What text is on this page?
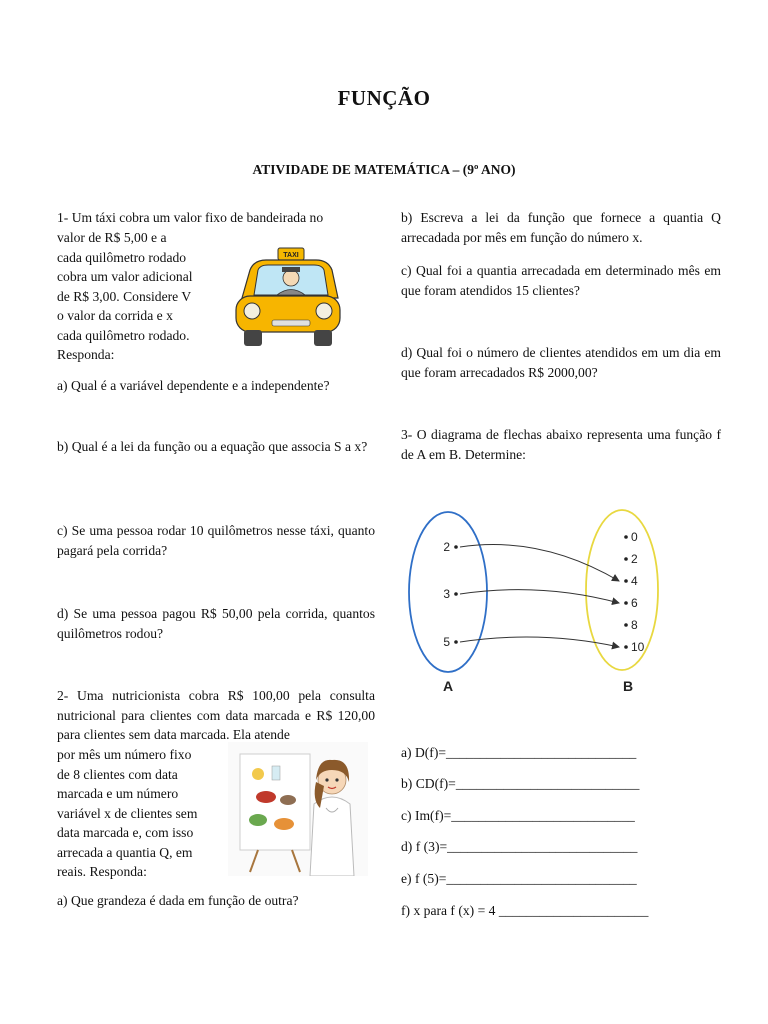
FUNÇÃO
ATIVIDADE DE MATEMÁTICA – (9º ANO)
1- Um táxi cobra um valor fixo de bandeirada no
valor de R$ 5,00 e a
cada quilômetro rodado
cobra um valor adicional
de R$ 3,00. Considere V
o valor da corrida e x
cada quilômetro rodado.
Responda:
TAXI
a) Qual é a variável dependente e a independente?
b) Qual é a lei da função ou a equação que associa S a x?
c) Se uma pessoa rodar 10 quilômetros nesse táxi, quanto pagará pela corrida?
d) Se uma pessoa pagou R$ 50,00 pela corrida, quantos quilômetros rodou?
2- Uma nutricionista cobra R$ 100,00 pela consulta nutricional para clientes com data marcada e R$ 120,00 para clientes sem data marcada. Ela atende
por mês um número fixo
de 8 clientes com data
marcada e um número
variável x de clientes sem
data marcada e, com isso
arrecada a quantia Q, em
reais. Responda:
a) Que grandeza é dada em função de outra?
b) Escreva a lei da função que fornece a quantia Q arrecadada por mês em função do número x.
c) Qual foi a quantia arrecadada em determinado mês em que foram atendidos 15 clientes?
d) Qual foi o número de clientes atendidos em um dia em que foram arrecadados R$ 2000,00?
3- O diagrama de flechas abaixo representa uma função f de A em B. Determine:
A	B
2
3
5
0
2
4
6
8
10
a) D(f)=____________________________
b) CD(f)=___________________________
c) Im(f)=___________________________
d) f (3)=____________________________
e) f (5)=____________________________
f) x para f (x) = 4 ______________________
